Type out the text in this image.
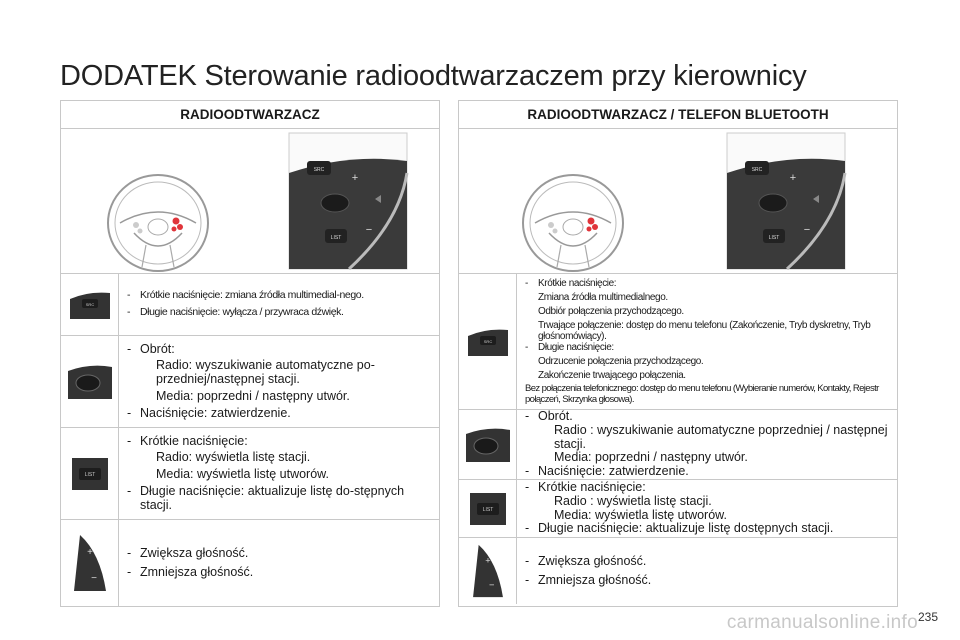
DODATEK Sterowanie radioodtwarzaczem przy kierownicy
RADIOODTWARZACZ
SRC
+
LIST
−
SRC
- Krótkie naciśnięcie: zmiana źródła multimedial-nego.
- Długie naciśnięcie: wyłącza / przywraca dźwięk.
- Obrót:
Radio: wyszukiwanie automatyczne po-przedniej/następnej stacji.
Media: poprzedni / następny utwór.
- Naciśnięcie: zatwierdzenie.
LIST
- Krótkie naciśnięcie:
Radio: wyświetla listę stacji.
Media: wyświetla listę utworów.
- Długie naciśnięcie: aktualizuje listę do-stępnych stacji.
+
−
- Zwiększa głośność.
- Zmniejsza głośność.
RADIOODTWARZACZ / TELEFON BLUETOOTH
SRC
+
LIST
−
SRC
- Krótkie naciśnięcie:
Zmiana źródła multimedialnego.
Odbiór połączenia przychodzącego.
Trwające połączenie: dostęp do menu telefonu (Zakończenie, Tryb dyskretny, Tryb głośnomówiący).
- Długie naciśnięcie:
Odrzucenie połączenia przychodzącego.
Zakończenie trwającego połączenia.
Bez połączenia telefonicznego: dostęp do menu telefonu (Wybieranie numerów, Kontakty, Rejestr połączeń, Skrzynka głosowa).
- Obrót.
Radio : wyszukiwanie automatyczne poprzedniej / następnej stacji.
Media: poprzedni / następny utwór.
- Naciśnięcie: zatwierdzenie.
LIST
- Krótkie naciśnięcie:
Radio : wyświetla listę stacji.
Media: wyświetla listę utworów.
- Długie naciśnięcie: aktualizuje listę dostępnych stacji.
+
−
- Zwiększa głośność.
- Zmniejsza głośność.
carmanualsonline.info 235
